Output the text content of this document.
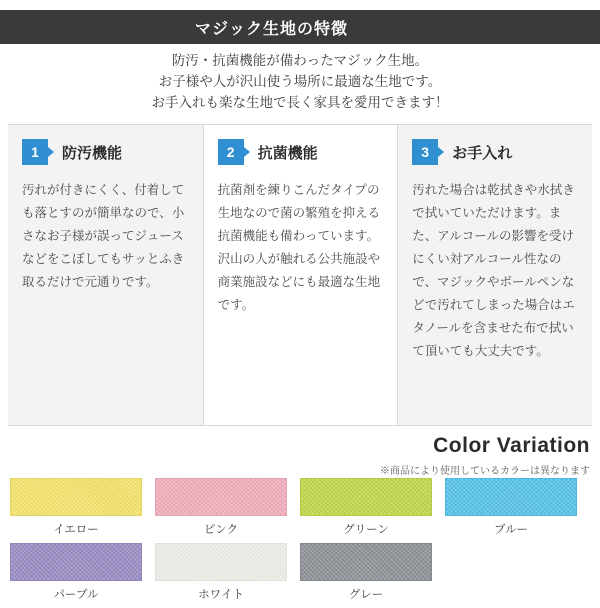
マジック生地の特徴
防汚・抗菌機能が備わったマジック生地。
お子様や人が沢山使う場所に最適な生地です。
お手入れも楽な生地で長く家具を愛用できます！
1	防汚機能

汚れが付きにくく、付着しても落とすのが簡単なので、小さなお子様が誤ってジュースなどをこぼしてもサッとふき取るだけで元通りです。

2	抗菌機能

抗菌剤を練りこんだタイプの生地なので菌の繁殖を抑える抗菌機能も備わっています。

沢山の人が触れる公共施設や商業施設などにも最適な生地です。

3	お手入れ

汚れた場合は乾拭きや水拭きで拭いていただけます。また、アルコールの影響を受けにくい対アルコール性なので、マジックやボールペンなどで汚れてしまった場合はエタノールを含ませた布で拭いて頂いても大丈夫です。

Color Variation
※商品により使用しているカラーは異なります
イエロー	ピンク	グリーン	ブルー
パープル	ホワイト	グレー
